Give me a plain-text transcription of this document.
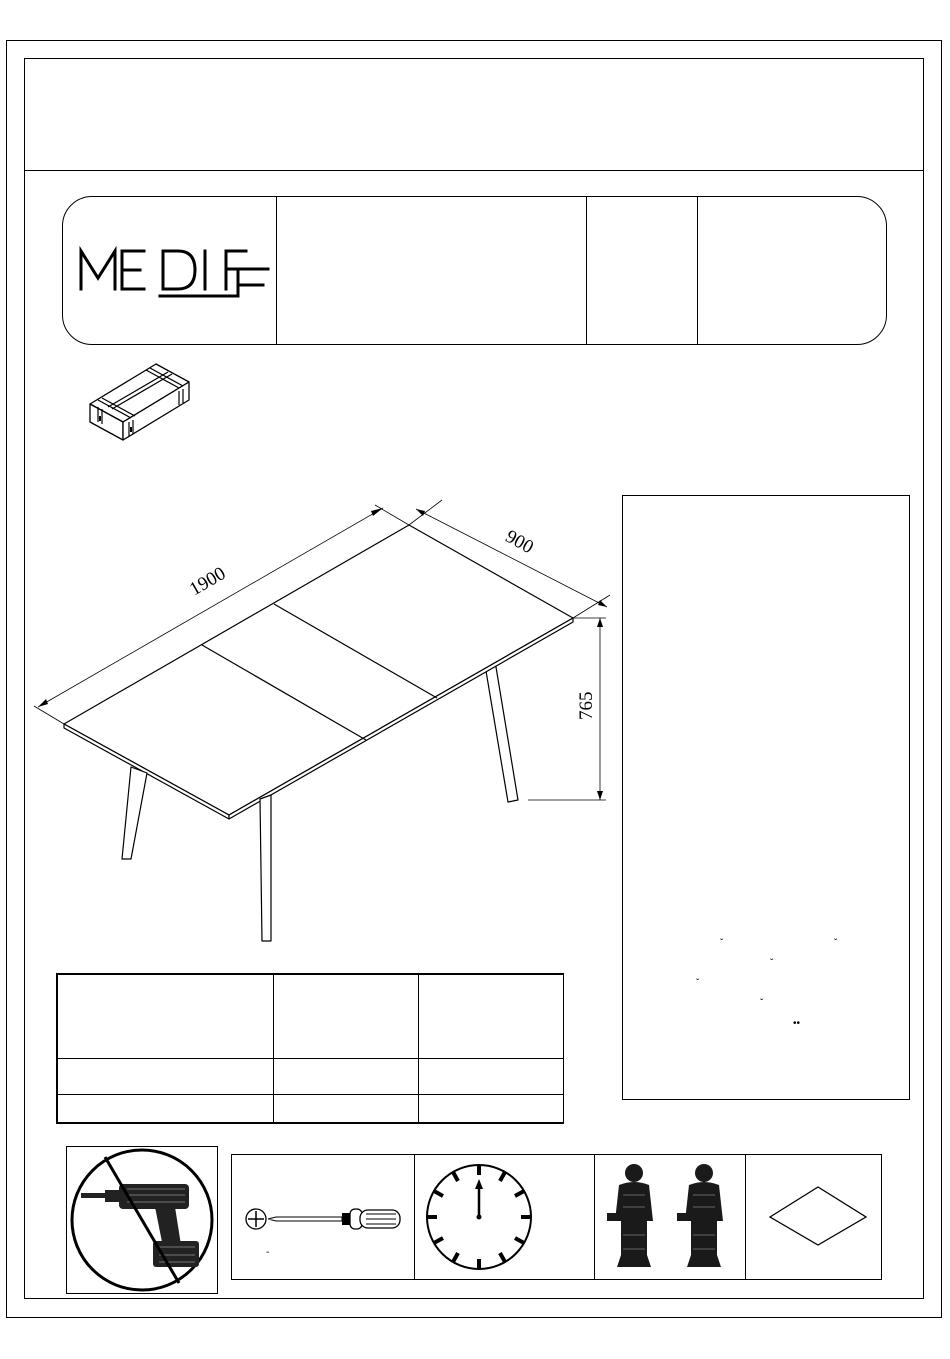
1900
900
765
ˇ	ˇ
ˇ
ˇ
ˇ
••

-
